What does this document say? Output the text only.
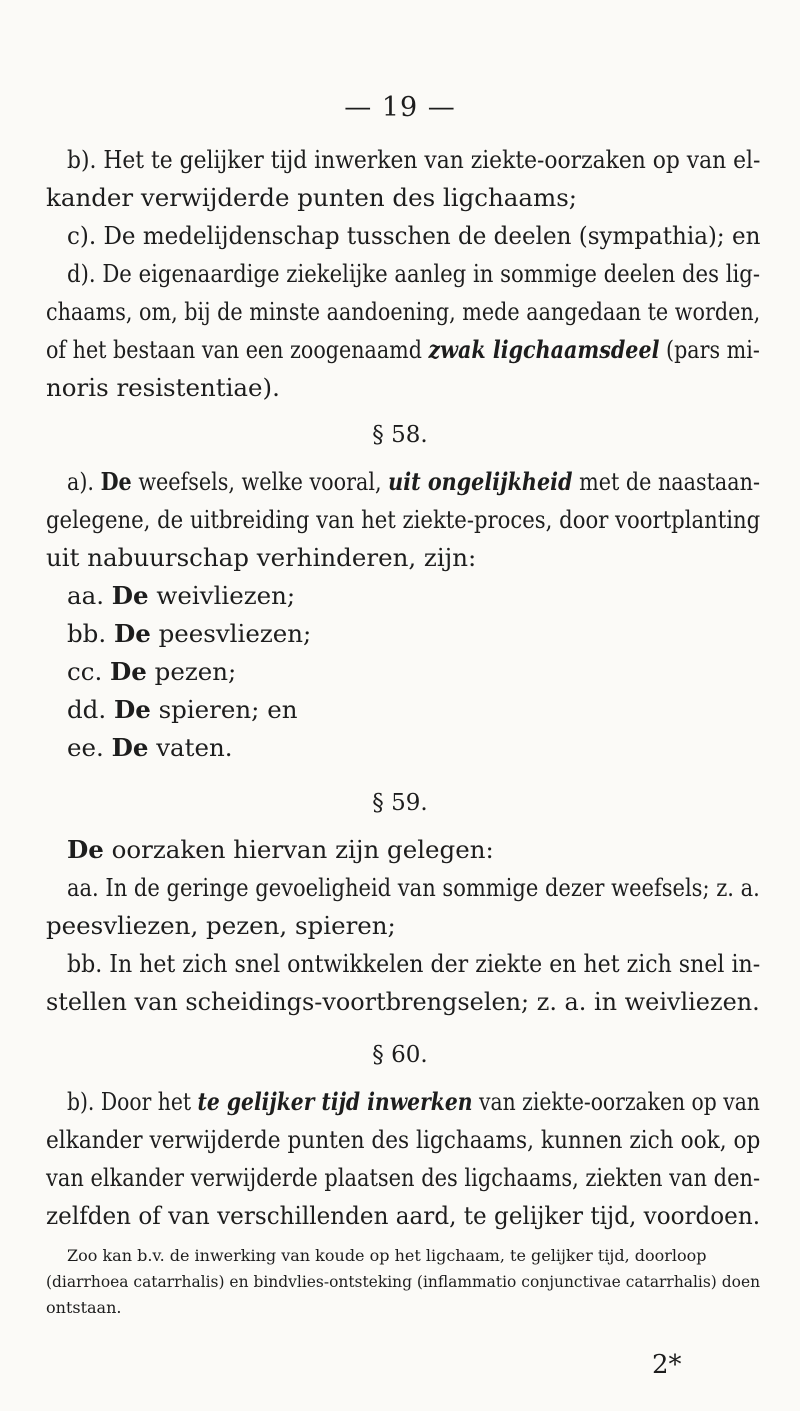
— 19 —
b). Het te gelijker tijd inwerken van ziekte-oorzaken op van el-
kander verwijderde punten des ligchaams;
c). De medelijdenschap tusschen de deelen (sympathia); en
d). De eigenaardige ziekelijke aanleg in sommige deelen des lig-
chaams, om, bij de minste aandoening, mede aangedaan te worden,
of het bestaan van een zoogenaamd zwak ligchaamsdeel (pars mi-
noris resistentiae).
§ 58.
a). De weefsels, welke vooral, uit ongelijkheid met de naastaan-
gelegene, de uitbreiding van het ziekte-proces, door voortplanting
uit nabuurschap verhinderen, zijn:
aa. De weivliezen;
bb. De peesvliezen;
cc. De pezen;
dd. De spieren; en
ee. De vaten.
§ 59.
De oorzaken hiervan zijn gelegen:
aa. In de geringe gevoeligheid van sommige dezer weefsels; z. a.
peesvliezen, pezen, spieren;
bb. In het zich snel ontwikkelen der ziekte en het zich snel in-
stellen van scheidings-voortbrengselen; z. a. in weivliezen.
§ 60.
b). Door het te gelijker tijd inwerken van ziekte-oorzaken op van
elkander verwijderde punten des ligchaams, kunnen zich ook, op
van elkander verwijderde plaatsen des ligchaams, ziekten van den-
zelfden of van verschillenden aard, te gelijker tijd, voordoen.
Zoo kan b.v. de inwerking van koude op het ligchaam, te gelijker tijd, doorloop
(diarrhoea catarrhalis) en bindvlies-ontsteking (inflammatio conjunctivae catarrhalis) doen
ontstaan.
2*
